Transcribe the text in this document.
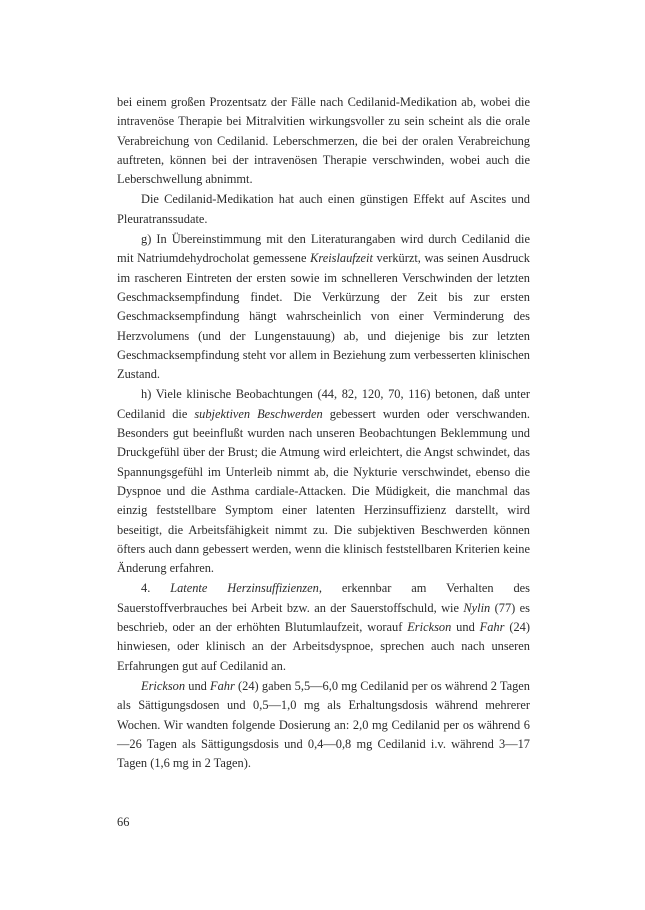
bei einem großen Prozentsatz der Fälle nach Cedilanid-Medikation ab, wobei die intravenöse Therapie bei Mitralvitien wirkungsvoller zu sein scheint als die orale Verabreichung von Cedilanid. Leberschmerzen, die bei der oralen Verabreichung auftreten, können bei der intravenösen Therapie verschwinden, wobei auch die Leberschwellung abnimmt.

Die Cedilanid-Medikation hat auch einen günstigen Effekt auf Ascites und Pleuratranssudate.

g) In Übereinstimmung mit den Literaturangaben wird durch Cedilanid die mit Natriumdehydrocholat gemessene Kreislaufzeit verkürzt, was seinen Ausdruck im rascheren Eintreten der ersten sowie im schnelleren Verschwinden der letzten Geschmacksempfindung findet. Die Verkürzung der Zeit bis zur ersten Geschmacksempfindung hängt wahrscheinlich von einer Verminderung des Herzvolumens (und der Lungenstauung) ab, und diejenige bis zur letzten Geschmacksempfindung steht vor allem in Beziehung zum verbesserten klinischen Zustand.

h) Viele klinische Beobachtungen (44, 82, 120, 70, 116) betonen, daß unter Cedilanid die subjektiven Beschwerden gebessert wurden oder verschwanden. Besonders gut beeinflußt wurden nach unseren Beobachtungen Beklemmung und Druckgefühl über der Brust; die Atmung wird erleichtert, die Angst schwindet, das Spannungsgefühl im Unterleib nimmt ab, die Nykturie verschwindet, ebenso die Dyspnoe und die Asthma cardiale-Attacken. Die Müdigkeit, die manchmal das einzig feststellbare Symptom einer latenten Herzinsuffizienz darstellt, wird beseitigt, die Arbeitsfähigkeit nimmt zu. Die subjektiven Beschwerden können öfters auch dann gebessert werden, wenn die klinisch feststellbaren Kriterien keine Änderung erfahren.

4. Latente Herzinsuffizienzen, erkennbar am Verhalten des Sauerstoffverbrauches bei Arbeit bzw. an der Sauerstoffschuld, wie Nylin (77) es beschrieb, oder an der erhöhten Blutumlaufzeit, worauf Erickson und Fahr (24) hinwiesen, oder klinisch an der Arbeitsdyspnoe, sprechen auch nach unseren Erfahrungen gut auf Cedilanid an.

Erickson und Fahr (24) gaben 5,5—6,0 mg Cedilanid per os während 2 Tagen als Sättigungsdosen und 0,5—1,0 mg als Erhaltungsdosis während mehrerer Wochen. Wir wandten folgende Dosierung an: 2,0 mg Cedilanid per os während 6—26 Tagen als Sättigungsdosis und 0,4—0,8 mg Cedilanid i.v. während 3—17 Tagen (1,6 mg in 2 Tagen).

66
